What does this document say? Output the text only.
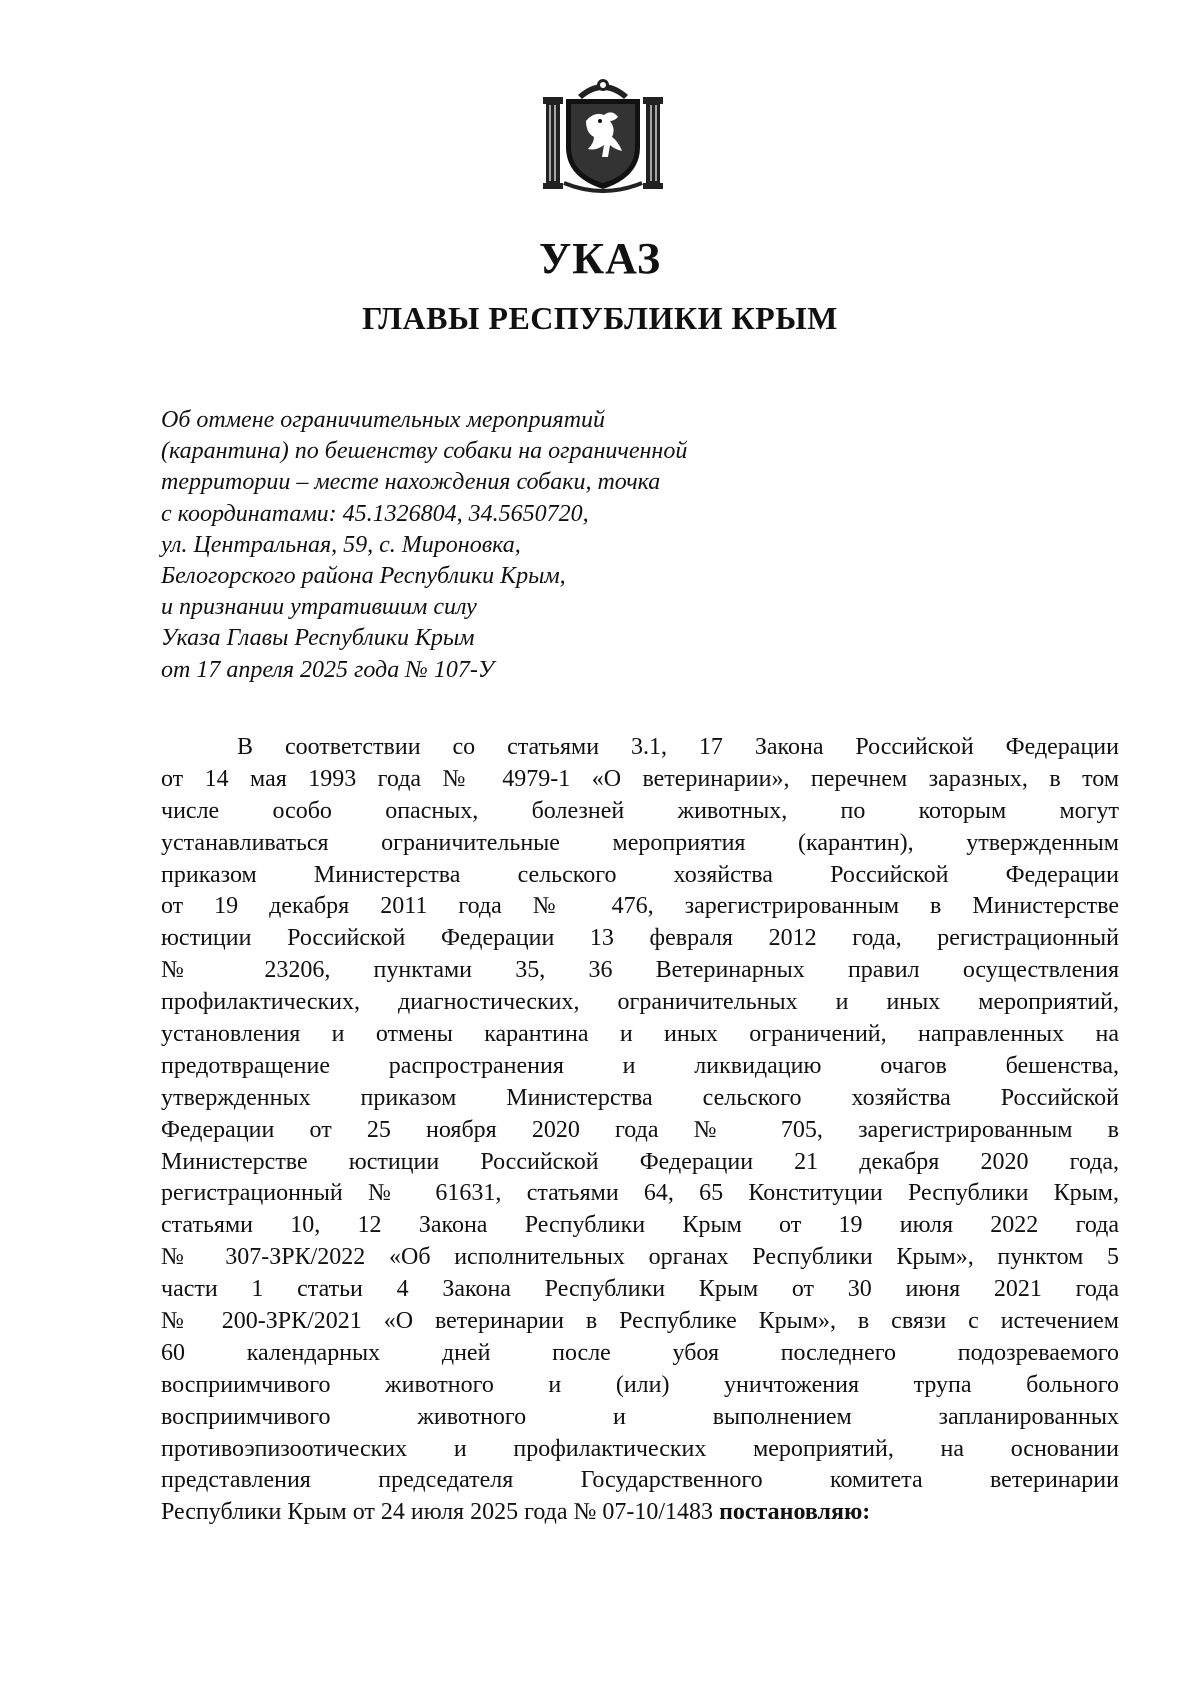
УКАЗ
ГЛАВЫ РЕСПУБЛИКИ КРЫМ
Об отмене ограничительных мероприятий
(карантина) по бешенству собаки на ограниченной
территории – месте нахождения собаки, точка
с координатами: 45.1326804, 34.5650720,
ул. Центральная, 59, с. Мироновка,
Белогорского района Республики Крым,
и признании утратившим силу
Указа Главы Республики Крым
от 17 апреля 2025 года № 107-У
В соответствии со статьями 3.1, 17 Закона Российской Федерации
от 14 мая 1993 года № 4979-1 «О ветеринарии», перечнем заразных, в том
числе особо опасных, болезней животных, по которым могут
устанавливаться ограничительные мероприятия (карантин), утвержденным
приказом Министерства сельского хозяйства Российской Федерации
от 19 декабря 2011 года № 476, зарегистрированным в Министерстве
юстиции Российской Федерации 13 февраля 2012 года, регистрационный
№ 23206, пунктами 35, 36 Ветеринарных правил осуществления
профилактических, диагностических, ограничительных и иных мероприятий,
установления и отмены карантина и иных ограничений, направленных на
предотвращение распространения и ликвидацию очагов бешенства,
утвержденных приказом Министерства сельского хозяйства Российской
Федерации от 25 ноября 2020 года № 705, зарегистрированным в
Министерстве юстиции Российской Федерации 21 декабря 2020 года,
регистрационный № 61631, статьями 64, 65 Конституции Республики Крым,
статьями 10, 12 Закона Республики Крым от 19 июля 2022 года
№ 307-ЗРК/2022 «Об исполнительных органах Республики Крым», пунктом 5
части 1 статьи 4 Закона Республики Крым от 30 июня 2021 года
№ 200-ЗРК/2021 «О ветеринарии в Республике Крым», в связи с истечением
60 календарных дней после убоя последнего подозреваемого
восприимчивого животного и (или) уничтожения трупа больного
восприимчивого животного и выполнением запланированных
противоэпизоотических и профилактических мероприятий, на основании
представления председателя Государственного комитета ветеринарии
Республики Крым от 24 июля 2025 года № 07-10/1483 постановляю:
